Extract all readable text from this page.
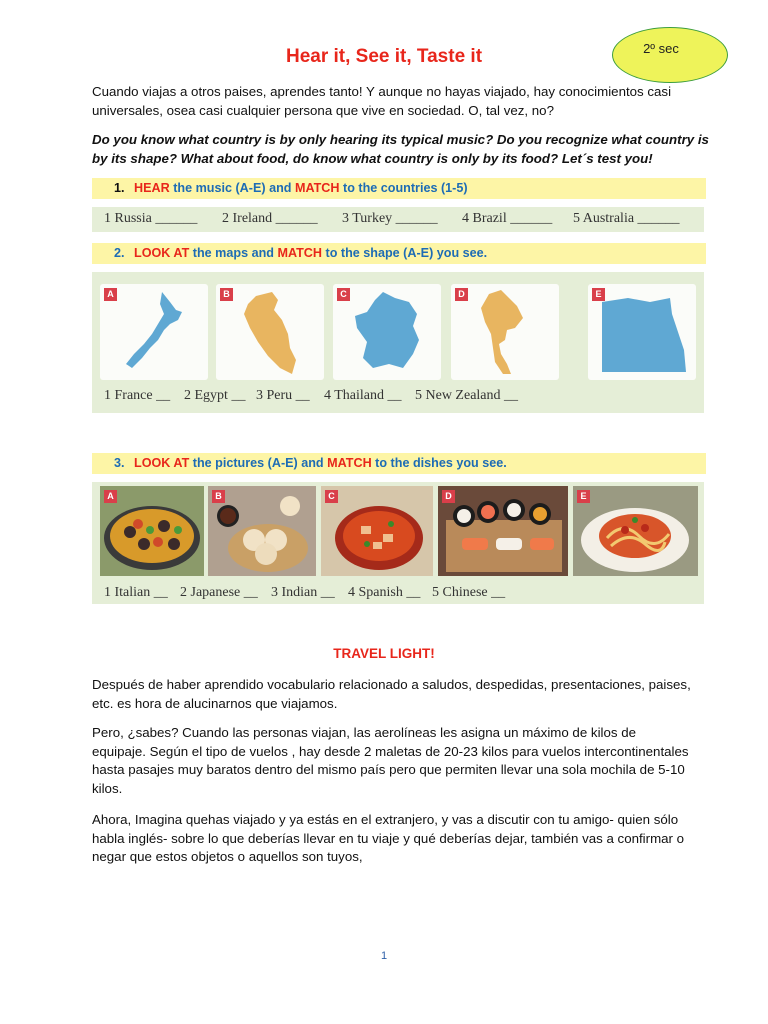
Hear it, See it, Taste it	2º sec

Cuando viajas a otros paises, aprendes tanto! Y aunque no hayas viajado, hay conocimientos casi universales, osea casi cualquier persona que vive en sociedad. O, tal vez, no?

Do you know what country is by only hearing its typical music? Do you recognize what country is by its shape? What about food, do know what country is only by its food? Let´s test you!

1. HEAR the music (A-E) and MATCH to the countries (1-5)
1 Russia ______	2 Ireland ______	3 Turkey ______	4 Brazil ______	5 Australia ______
2. LOOK AT the maps and MATCH to the shape (A-E) you see.
A	B	C	D	E
1 France __ 2 Egypt __ 3 Peru __	4 Thailand __ 5 New Zealand __
3. LOOK AT the pictures (A-E) and MATCH to the dishes you see.
A	B	C	D	E
1 Italian __ 2 Japanese __ 3 Indian __ 4 Spanish __ 5 Chinese __
TRAVEL LIGHT!

Después de haber aprendido vocabulario relacionado a saludos, despedidas, presentaciones, paises, etc. es hora de alucinarnos que viajamos.

Pero, ¿sabes? Cuando las personas viajan, las aerolíneas les asigna un máximo de kilos de equipaje. Según el tipo de vuelos , hay desde 2 maletas de 20-23 kilos para vuelos intercontinentales hasta pasajes muy baratos dentro del mismo país pero que permiten llevar una sola mochila de 5-10 kilos.

Ahora, Imagina quehas viajado y ya estás en el extranjero, y vas a discutir con tu amigo- quien sólo habla inglés- sobre lo que deberías llevar en tu viaje y qué deberías dejar, también vas a confirmar o negar que estos objetos o aquellos son tuyos,

1
